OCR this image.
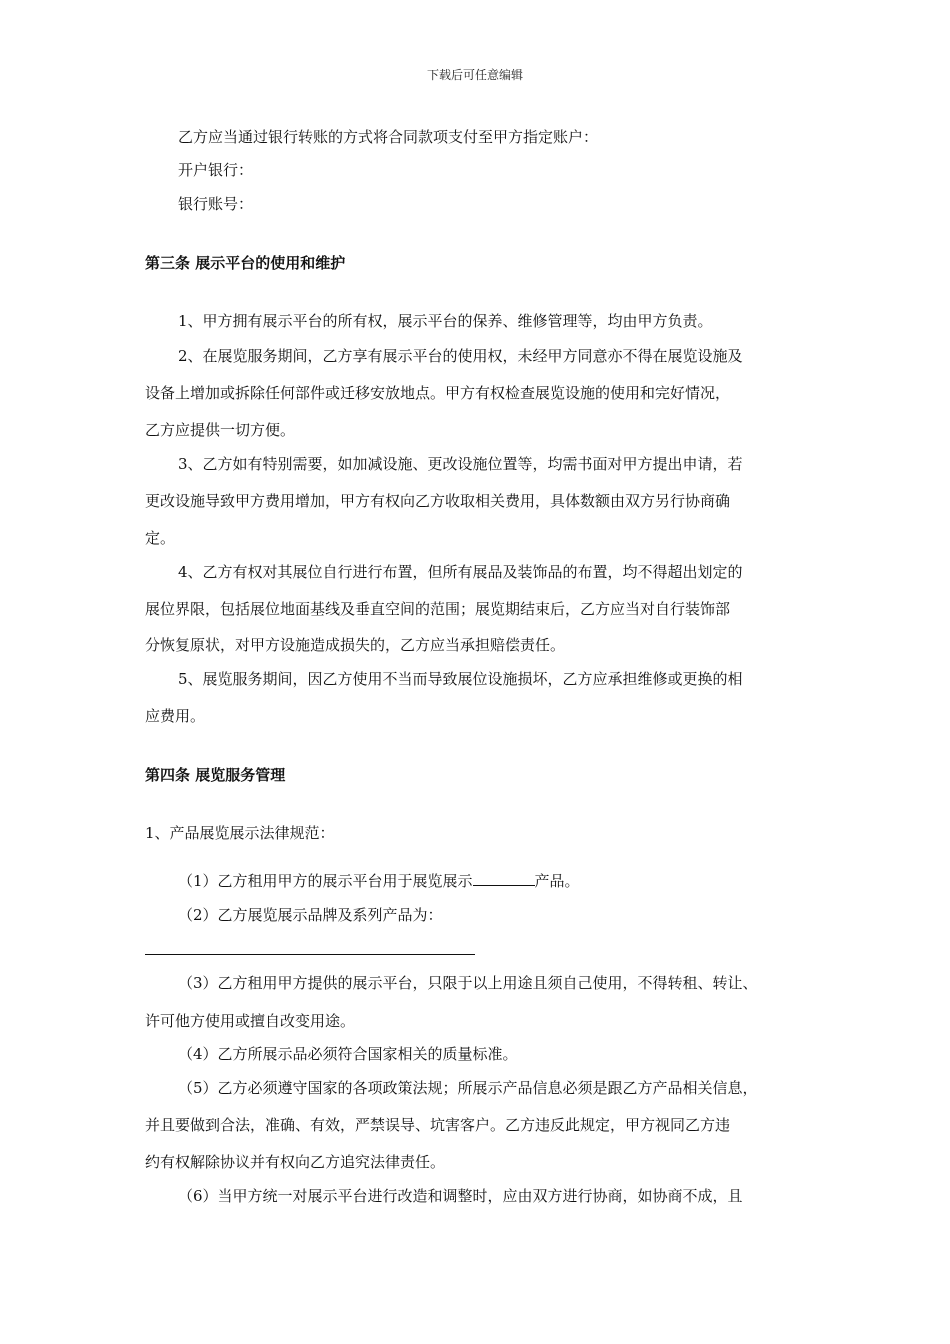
下载后可任意编辑
乙方应当通过银行转账的方式将合同款项支付至甲方指定账户：
开户银行：
银行账号：
第三条 展示平台的使用和维护
1、甲方拥有展示平台的所有权，展示平台的保养、维修管理等，均由甲方负责。
2、在展览服务期间，乙方享有展示平台的使用权，未经甲方同意亦不得在展览设施及
设备上增加或拆除任何部件或迁移安放地点。甲方有权检查展览设施的使用和完好情况，
乙方应提供一切方便。
3、乙方如有特别需要，如加减设施、更改设施位置等，均需书面对甲方提出申请，若
更改设施导致甲方费用增加，甲方有权向乙方收取相关费用，具体数额由双方另行协商确
定。
4、乙方有权对其展位自行进行布置，但所有展品及装饰品的布置，均不得超出划定的
展位界限，包括展位地面基线及垂直空间的范围；展览期结束后，乙方应当对自行装饰部
分恢复原状，对甲方设施造成损失的，乙方应当承担赔偿责任。
5、展览服务期间，因乙方使用不当而导致展位设施损坏，乙方应承担维修或更换的相
应费用。
第四条 展览服务管理
1、产品展览展示法律规范：
（1）乙方租用甲方的展示平台用于展览展示	产品。
（2）乙方展览展示品牌及系列产品为：
（3）乙方租用甲方提供的展示平台，只限于以上用途且须自己使用，不得转租、转让、
许可他方使用或擅自改变用途。
（4）乙方所展示品必须符合国家相关的质量标准。
（5）乙方必须遵守国家的各项政策法规；所展示产品信息必须是跟乙方产品相关信息，
并且要做到合法，准确、有效，严禁误导、坑害客户。乙方违反此规定，甲方视同乙方违
约有权解除协议并有权向乙方追究法律责任。
（6）当甲方统一对展示平台进行改造和调整时，应由双方进行协商，如协商不成，且
